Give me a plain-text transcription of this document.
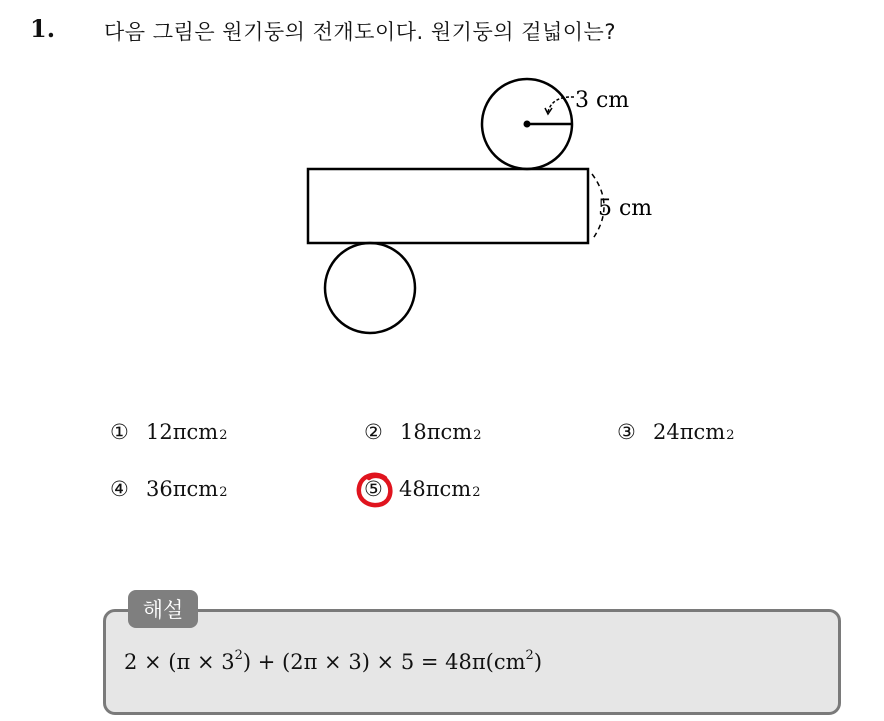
1. 다음 그림은 원기둥의 전개도이다. 원기둥의 겉넓이는?
3 cm
5 cm
① 12π cm 2	② 18π cm 2	③ 24π cm 2
④ 36π cm 2	⑤ 48π cm 2
해설
$2 \times (\pi \times 3^2) + (2\pi \times 3) \times 5 = 48\pi(cm^2)$
